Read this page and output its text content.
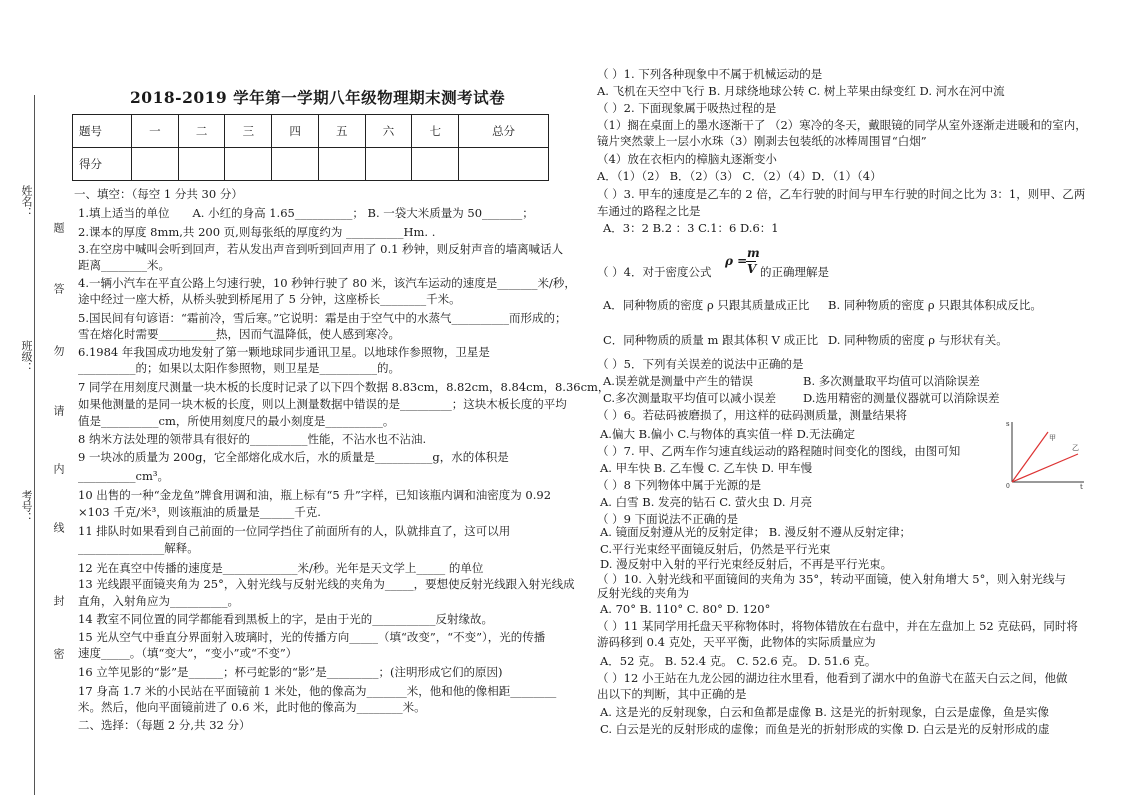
姓名：
班级：
考号：
题
答
勿
请
内
线
封
密
2018-2019 学年第一学期八年级物理期末测考试卷
题号	一	二	三	四	五	六	七	总分
得分								
一、填空：（每空 1 分共 30 分）
1.填上适当的单位　　A. 小红的身高 1.65__________； B. 一袋大米质量为 50_______；
2.课本的厚度 8mm,共 200 页,则每张纸的厚度约为 __________Hm. .
3.在空房中喊叫会听到回声，若从发出声音到听到回声用了 0.1 秒钟，则反射声音的墙离喊话人
距离________米。
4.一辆小汽车在平直公路上匀速行驶，10 秒钟行驶了 80 米，该汽车运动的速度是_______米/秒，
途中经过一座大桥，从桥头驶到桥尾用了 5 分钟，这座桥长________千米。
5.国民间有句谚语：“霜前冷，雪后寒。”它说明：霜是由于空气中的水蒸气__________而形成的；
雪在熔化时需要__________热，因而气温降低，使人感到寒冷。
6.1984 年我国成功地发射了第一颗地球同步通讯卫星。以地球作参照物，卫星是
__________的；如果以太阳作参照物，则卫星是__________的。
7 同学在用刻度尺测量一块木板的长度时记录了以下四个数据 8.83cm，8.82cm，8.84cm，8.36cm，
如果他测量的是同一块木板的长度，则以上测量数据中错误的是_________；这块木板长度的平均
值是__________cm，所使用刻度尺的最小刻度是__________。
8 纳米方法处理的领带具有很好的__________性能，不沾水也不沾油.
9 一块冰的质量为 200g，它全部熔化成水后，水的质量是__________g，水的体积是
__________cm³。
10 出售的一种“金龙鱼”牌食用调和油，瓶上标有“5 升”字样，已知该瓶内调和油密度为 0.92
×103 千克/米³，则该瓶油的质量是______千克.
11 排队时如果看到自己前面的一位同学挡住了前面所有的人，队就排直了，这可以用
_______________解释。
12 光在真空中传播的速度是_____________米/秒。光年是天文学上_____ 的单位
13 光线跟平面镜夹角为 25°，入射光线与反射光线的夹角为_____，要想使反射光线跟入射光线成
直角，入射角应为__________。
14 教室不同位置的同学都能看到黑板上的字，是由于光的___________反射缘故。
15 光从空气中垂直分界面射入玻璃时，光的传播方向_____（填“改变”，“不变”），光的传播
速度_____。（填“变大”，“变小”或“不变”）
16 立竿见影的“影”是______；杯弓蛇影的“影”是_________；(注明形成它们的原因)
17 身高 1.7 米的小民站在平面镜前 1 米处，他的像高为_______米，他和他的像相距________
米。然后，他向平面镜前进了 0.6 米，此时他的像高为________米。
二、选择：（每题 2 分,共 32 分）
（ ）1. 下列各种现象中不属于机械运动的是
A. 飞机在天空中飞行 B. 月球绕地球公转 C. 树上苹果由绿变红 D. 河水在河中流
（ ）2. 下面现象属于吸热过程的是
（1）搁在桌面上的墨水逐渐干了 （2）寒冷的冬天，戴眼镜的同学从室外逐渐走进暖和的室内，
镜片突然蒙上一层小水珠（3）刚剥去包装纸的冰棒周围冒“白烟”
（4）放在衣柜内的樟脑丸逐渐变小
A．（1）（2） B．（2）（3） C．（2）（4）D．（1）（4）
（ ）3. 甲车的速度是乙车的 2 倍，乙车行驶的时间与甲车行驶的时间之比为 3：1，则甲、乙两
车通过的路程之比是
A．3：2 B.2 ：3 C.1：6 D.6：1
（ ）4．对于密度公式
ρ =
m
V 的正确理解是
A．同种物质的密度 ρ 只跟其质量成正比 B. 同种物质的密度 ρ 只跟其体积成反比。
C．同种物质的质量 m 跟其体积 V 成正比 D. 同种物质的密度 ρ 与形状有关。
（ ）5．下列有关误差的说法中正确的是
A.误差就是测量中产生的错误	B. 多次测量取平均值可以消除误差
C.多次测量取平均值可以减小误差 D.选用精密的测量仪器就可以消除误差
（ ）6。若砝码被磨损了，用这样的砝码测质量，测量结果将
A.偏大 B.偏小 C.与物体的真实值一样 D.无法确定
（ ）7. 甲、乙两车作匀速直线运动的路程随时间变化的图线，由图可知
A. 甲车快 B. 乙车慢 C. 乙车快 D. 甲车慢
（ ）8 下列物体中属于光源的是
A. 白雪 B. 发亮的钻石 C. 萤火虫 D. 月亮
（ ）9 下面说法不正确的是
A. 镜面反射遵从光的反射定律； B. 漫反射不遵从反射定律；
C.平行光束经平面镜反射后，仍然是平行光束
D. 漫反射中入射的平行光束经反射后，不再是平行光束。
（ ）10. 入射光线和平面镜间的夹角为 35°，转动平面镜，使入射角增大 5°，则入射光线与
反射光线的夹角为
A. 70° B. 110° C. 80° D. 120°
（ ）11 某同学用托盘天平称物体时，将物体错放在右盘中，并在左盘加上 52 克砝码，同时将
游码移到 0.4 克处，天平平衡，此物体的实际质量应为
A．52 克。 B. 52.4 克。 C. 52.6 克。 D. 51.6 克。
（ ）12 小王站在九龙公园的湖边往水里看，他看到了湖水中的鱼游弋在蓝天白云之间，他做
出以下的判断，其中正确的是
A. 这是光的反射现象，白云和鱼都是虚像 B. 这是光的折射现象，白云是虚像，鱼是实像
C. 白云是光的反射形成的虚像；而鱼是光的折射形成的实像 D. 白云是光的反射形成的虚
s
t
0
甲
乙
